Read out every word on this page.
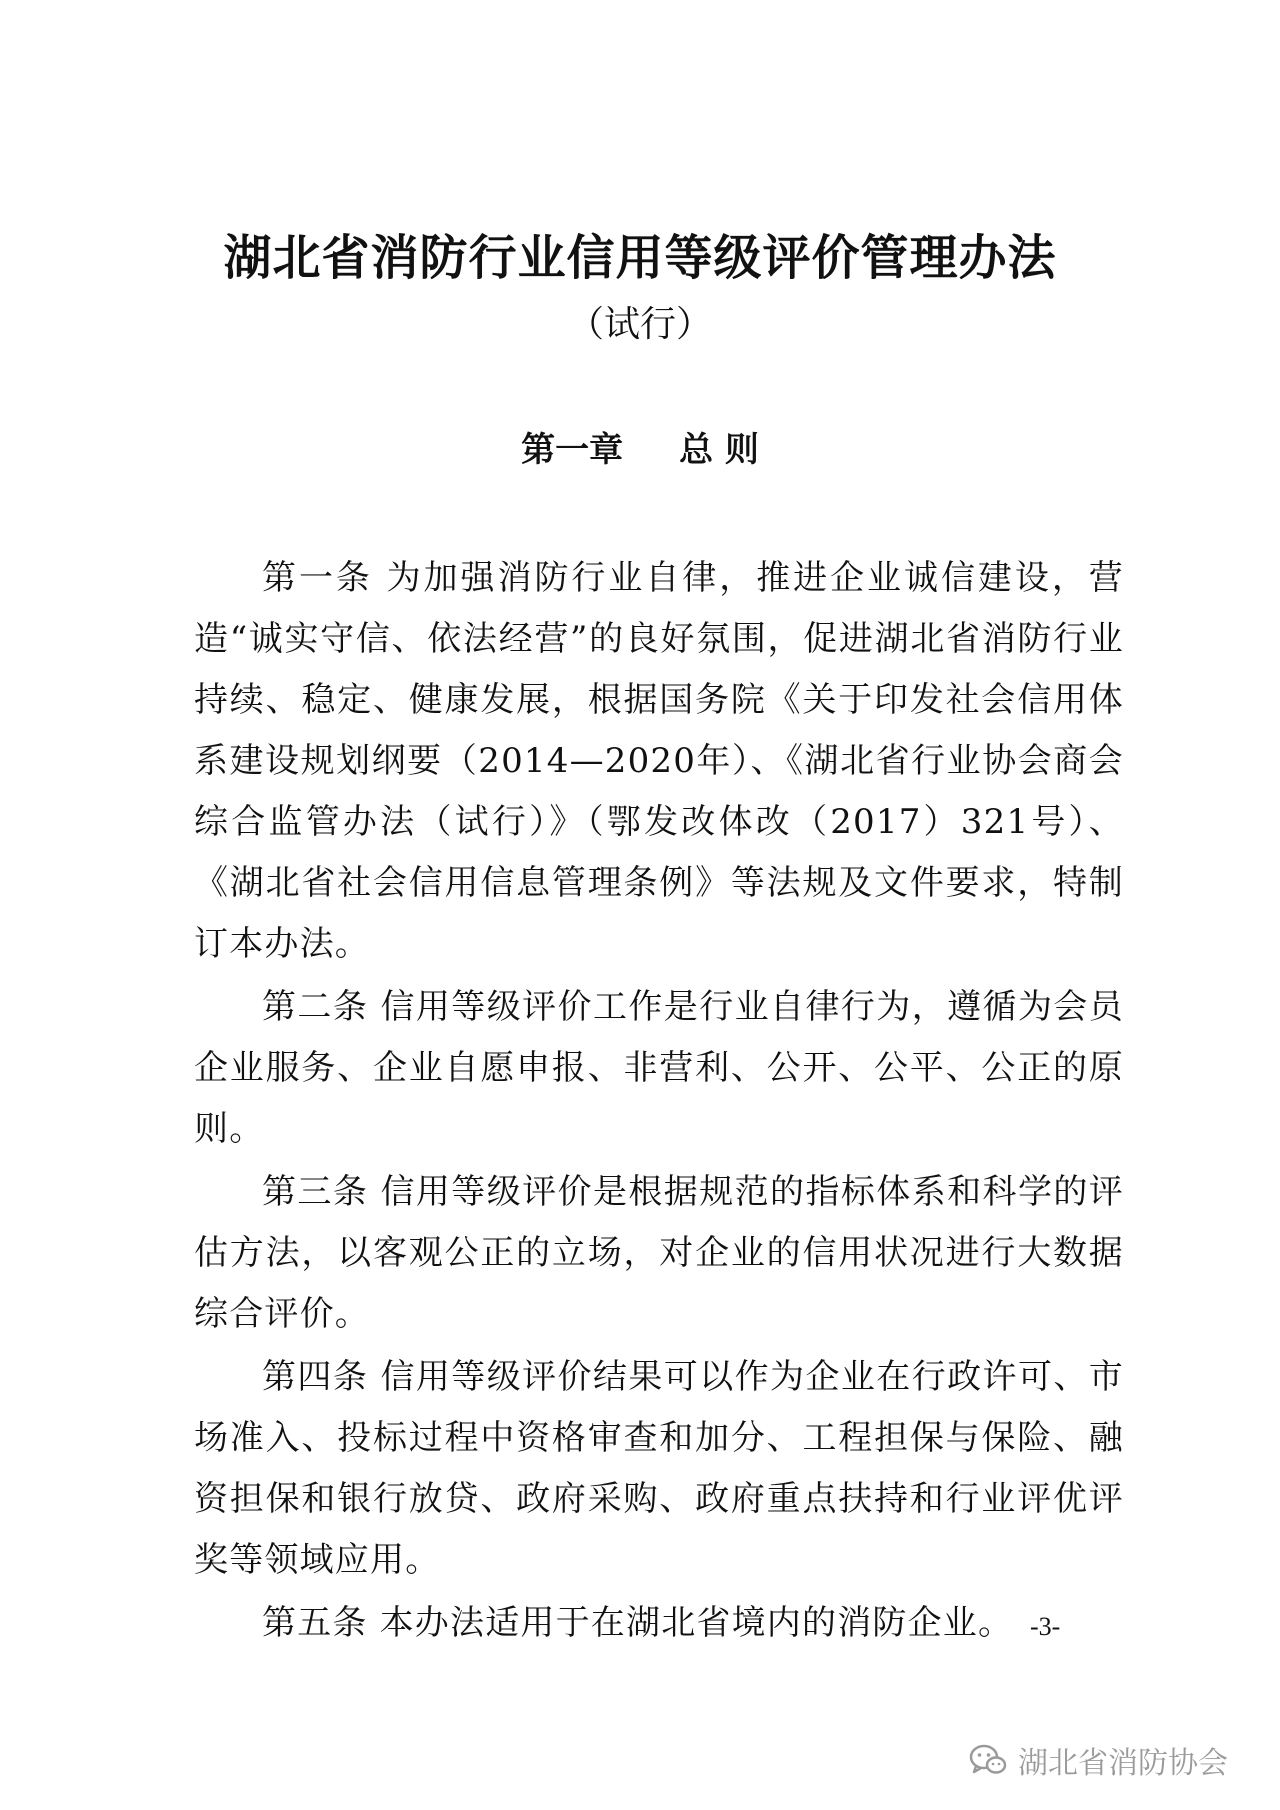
湖北省消防行业信用等级评价管理办法
（试行）
第一章 总 则

第一条 为加强消防行业自律，推进企业诚信建设，营造“诚实守信、依法经营”的良好氛围，促进湖北省消防行业持续、稳定、健康发展，根据国务院《关于印发社会信用体系建设规划纲要（2014—2020年）、《湖北省行业协会商会综合监管办法（试行）》（鄂发改体改（2017）321号）、《湖北省社会信用信息管理条例》等法规及文件要求，特制订本办法。

第二条 信用等级评价工作是行业自律行为，遵循为会员企业服务、企业自愿申报、非营利、公开、公平、公正的原则。

第三条 信用等级评价是根据规范的指标体系和科学的评估方法，以客观公正的立场，对企业的信用状况进行大数据综合评价。

第四条 信用等级评价结果可以作为企业在行政许可、市场准入、投标过程中资格审查和加分、工程担保与保险、融资担保和银行放贷、政府采购、政府重点扶持和行业评优评奖等领域应用。

第五条 本办法适用于在湖北省境内的消防企业。 -3-
湖北省消防协会
